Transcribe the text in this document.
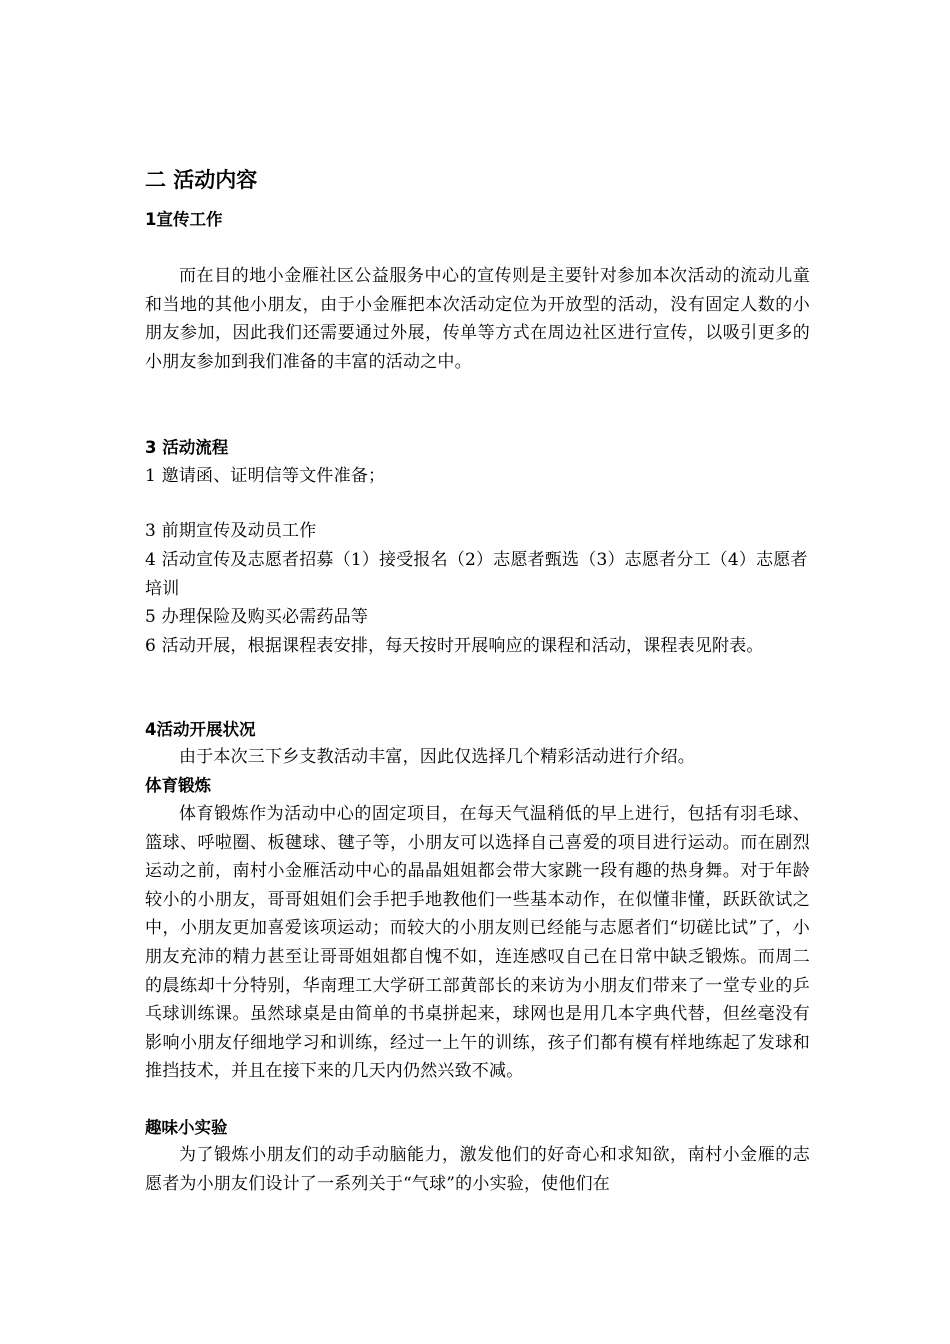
二 活动内容
1宣传工作

而在目的地小金雁社区公益服务中心的宣传则是主要针对参加本次活动的流动儿童和当地的其他小朋友，由于小金雁把本次活动定位为开放型的活动，没有固定人数的小朋友参加，因此我们还需要通过外展，传单等方式在周边社区进行宣传，以吸引更多的小朋友参加到我们准备的丰富的活动之中。

3 活动流程
1 邀请函、证明信等文件准备；
3 前期宣传及动员工作
4 活动宣传及志愿者招募（1）接受报名（2）志愿者甄选（3）志愿者分工（4）志愿者培训
5 办理保险及购买必需药品等
6 活动开展，根据课程表安排，每天按时开展响应的课程和活动，课程表见附表。
4活动开展状况
由于本次三下乡支教活动丰富，因此仅选择几个精彩活动进行介绍。
体育锻炼

体育锻炼作为活动中心的固定项目，在每天气温稍低的早上进行，包括有羽毛球、篮球、呼啦圈、板毽球、毽子等，小朋友可以选择自己喜爱的项目进行运动。而在剧烈运动之前，南村小金雁活动中心的晶晶姐姐都会带大家跳一段有趣的热身舞。对于年龄较小的小朋友，哥哥姐姐们会手把手地教他们一些基本动作，在似懂非懂，跃跃欲试之中，小朋友更加喜爱该项运动；而较大的小朋友则已经能与志愿者们“切磋比试”了，小朋友充沛的精力甚至让哥哥姐姐都自愧不如，连连感叹自己在日常中缺乏锻炼。而周二的晨练却十分特别，华南理工大学研工部黄部长的来访为小朋友们带来了一堂专业的乒乓球训练课。虽然球桌是由简单的书桌拼起来，球网也是用几本字典代替，但丝毫没有影响小朋友仔细地学习和训练，经过一上午的训练，孩子们都有模有样地练起了发球和推挡技术，并且在接下来的几天内仍然兴致不减。

趣味小实验

为了锻炼小朋友们的动手动脑能力，激发他们的好奇心和求知欲，南村小金雁的志愿者为小朋友们设计了一系列关于“气球”的小实验，使他们在
